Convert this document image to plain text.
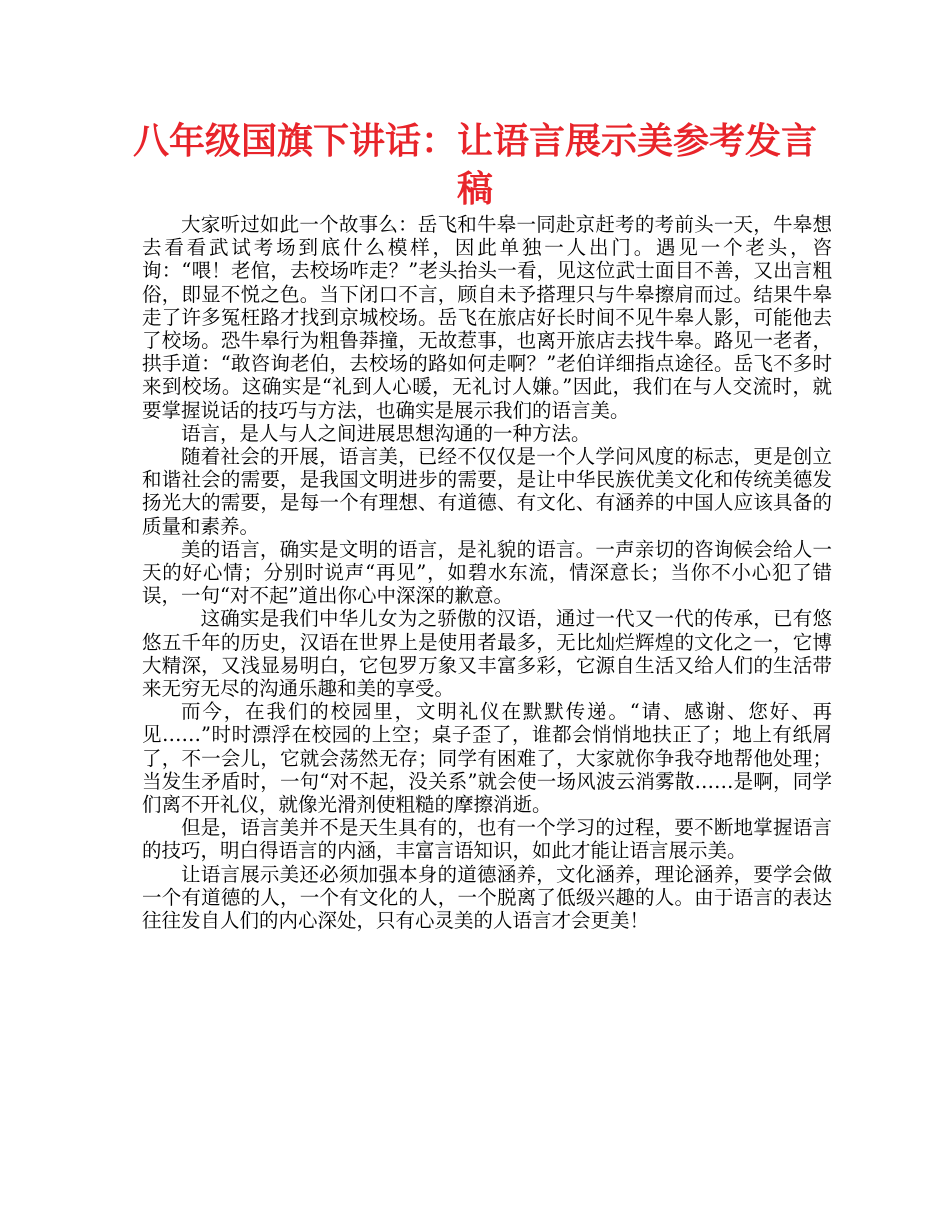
八年级国旗下讲话：让语言展示美参考发言稿

大家听过如此一个故事么：岳飞和牛皋一同赴京赶考的考前头一天，牛皋想去看看武试考场到底什么模样，因此单独一人出门。遇见一个老头，咨询：“喂！老倌，去校场咋走？”老头抬头一看，见这位武士面目不善，又出言粗俗，即显不悦之色。当下闭口不言，顾自未予搭理只与牛皋擦肩而过。结果牛皋走了许多冤枉路才找到京城校场。岳飞在旅店好长时间不见牛皋人影，可能他去了校场。恐牛皋行为粗鲁莽撞，无故惹事，也离开旅店去找牛皋。路见一老者，拱手道：“敢咨询老伯，去校场的路如何走啊？”老伯详细指点途径。岳飞不多时来到校场。这确实是“礼到人心暖，无礼讨人嫌。”因此，我们在与人交流时，就要掌握说话的技巧与方法，也确实是展示我们的语言美。

语言，是人与人之间进展思想沟通的一种方法。

随着社会的开展，语言美，已经不仅仅是一个人学问风度的标志，更是创立和谐社会的需要，是我国文明进步的需要，是让中华民族优美文化和传统美德发扬光大的需要，是每一个有理想、有道德、有文化、有涵养的中国人应该具备的质量和素养。

美的语言，确实是文明的语言，是礼貌的语言。一声亲切的咨询候会给人一天的好心情；分别时说声“再见”，如碧水东流，情深意长；当你不小心犯了错误，一句“对不起”道出你心中深深的歉意。

这确实是我们中华儿女为之骄傲的汉语，通过一代又一代的传承，已有悠悠五千年的历史，汉语在世界上是使用者最多，无比灿烂辉煌的文化之一，它博大精深，又浅显易明白，它包罗万象又丰富多彩，它源自生活又给人们的生活带来无穷无尽的沟通乐趣和美的享受。

而今，在我们的校园里，文明礼仪在默默传递。“请、感谢、您好、再见……”时时漂浮在校园的上空；桌子歪了，谁都会悄悄地扶正了；地上有纸屑了，不一会儿，它就会荡然无存；同学有困难了，大家就你争我夺地帮他处理；当发生矛盾时，一句“对不起，没关系”就会使一场风波云消雾散……是啊，同学们离不开礼仪，就像光滑剂使粗糙的摩擦消逝。

但是，语言美并不是天生具有的，也有一个学习的过程，要不断地掌握语言的技巧，明白得语言的内涵，丰富言语知识，如此才能让语言展示美。

让语言展示美还必须加强本身的道德涵养，文化涵养，理论涵养，要学会做一个有道德的人，一个有文化的人，一个脱离了低级兴趣的人。由于语言的表达往往发自人们的内心深处，只有心灵美的人语言才会更美！
